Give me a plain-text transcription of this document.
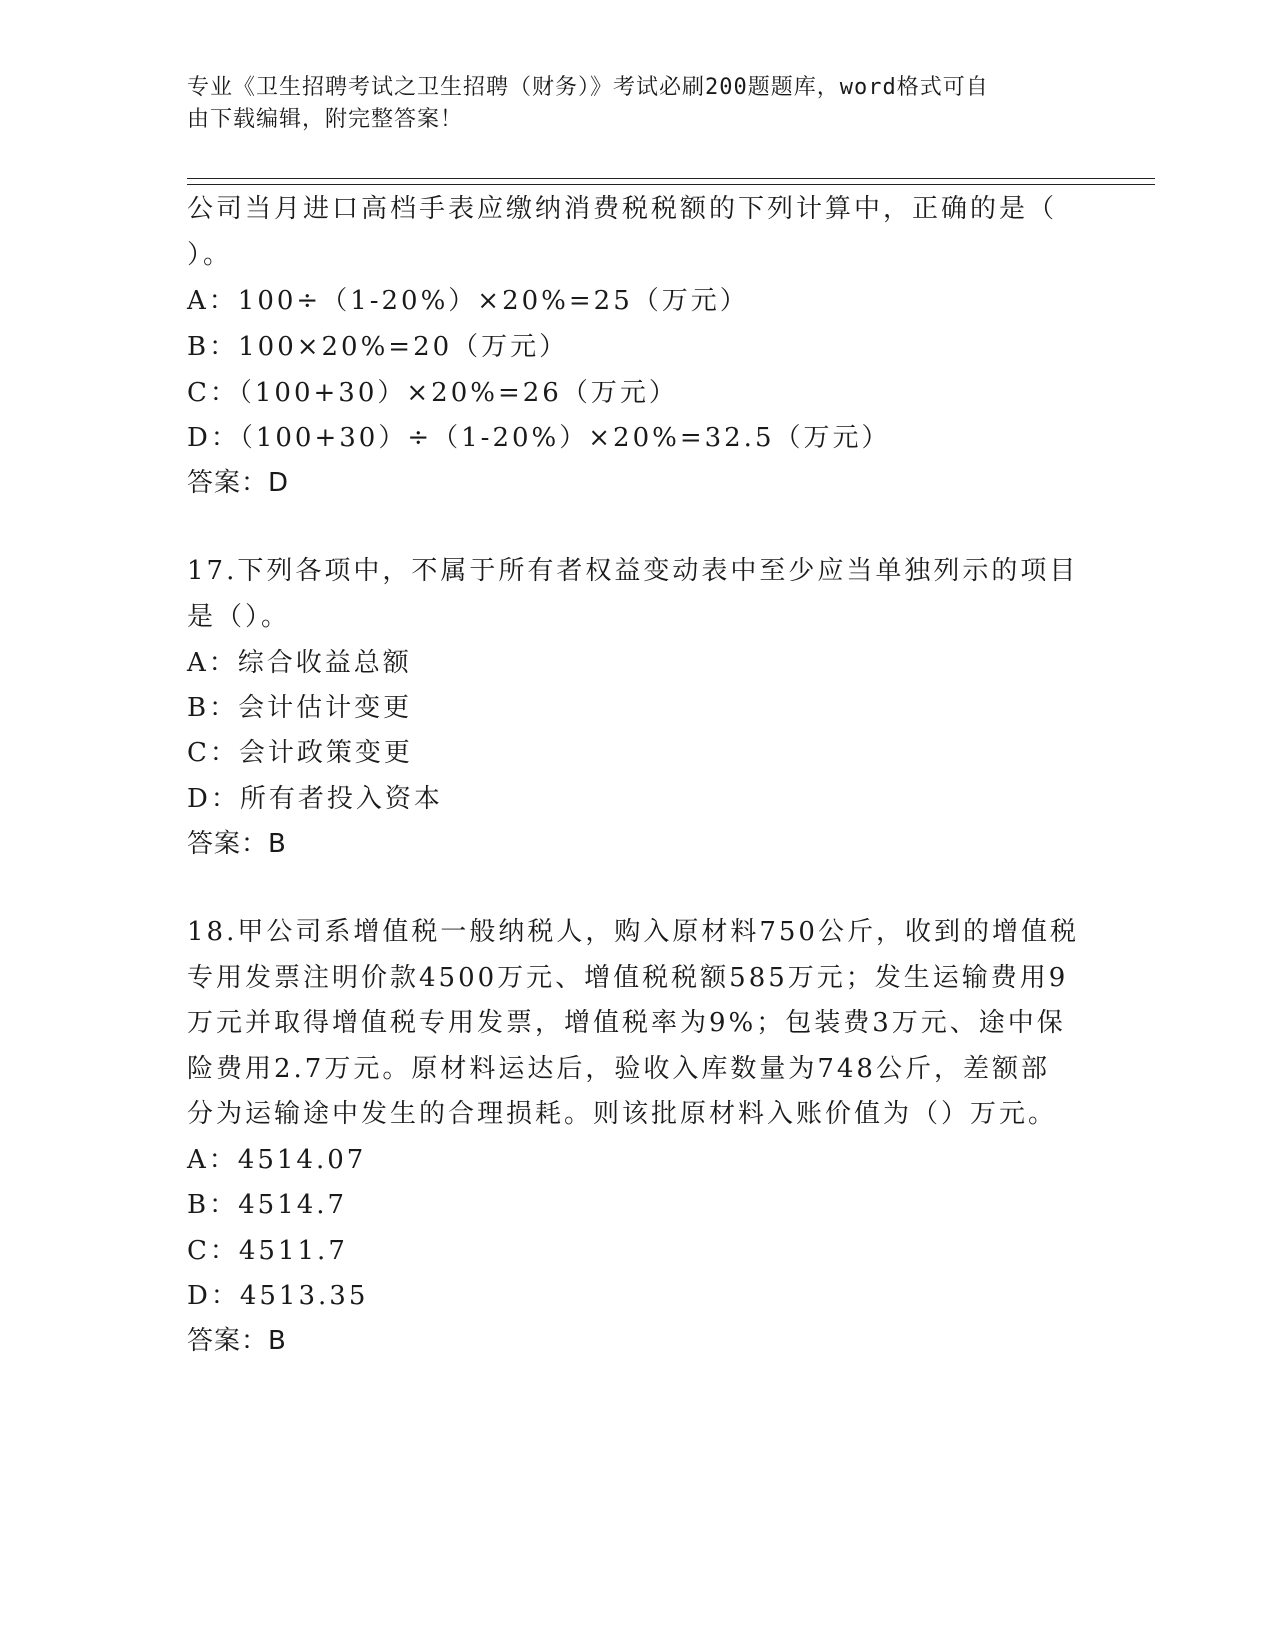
专业《卫生招聘考试之卫生招聘（财务）》考试必刷200题题库，word格式可自
由下载编辑，附完整答案！
公司当月进口高档手表应缴纳消费税税额的下列计算中，正确的是（
）。
A：100÷（1-20%）×20%=25（万元）
B：100×20%=20（万元）
C：（100+30）×20%=26（万元）
D：（100+30）÷（1-20%）×20%=32.5（万元）
答案：D
17.下列各项中，不属于所有者权益变动表中至少应当单独列示的项目
是（）。
A：综合收益总额
B：会计估计变更
C：会计政策变更
D：所有者投入资本
答案：B
18.甲公司系增值税一般纳税人，购入原材料750公斤，收到的增值税
专用发票注明价款4500万元、增值税税额585万元；发生运输费用9
万元并取得增值税专用发票，增值税率为9%；包装费3万元、途中保
险费用2.7万元。原材料运达后，验收入库数量为748公斤，差额部
分为运输途中发生的合理损耗。则该批原材料入账价值为（）万元。
A：4514.07
B：4514.7
C：4511.7
D：4513.35
答案：B
